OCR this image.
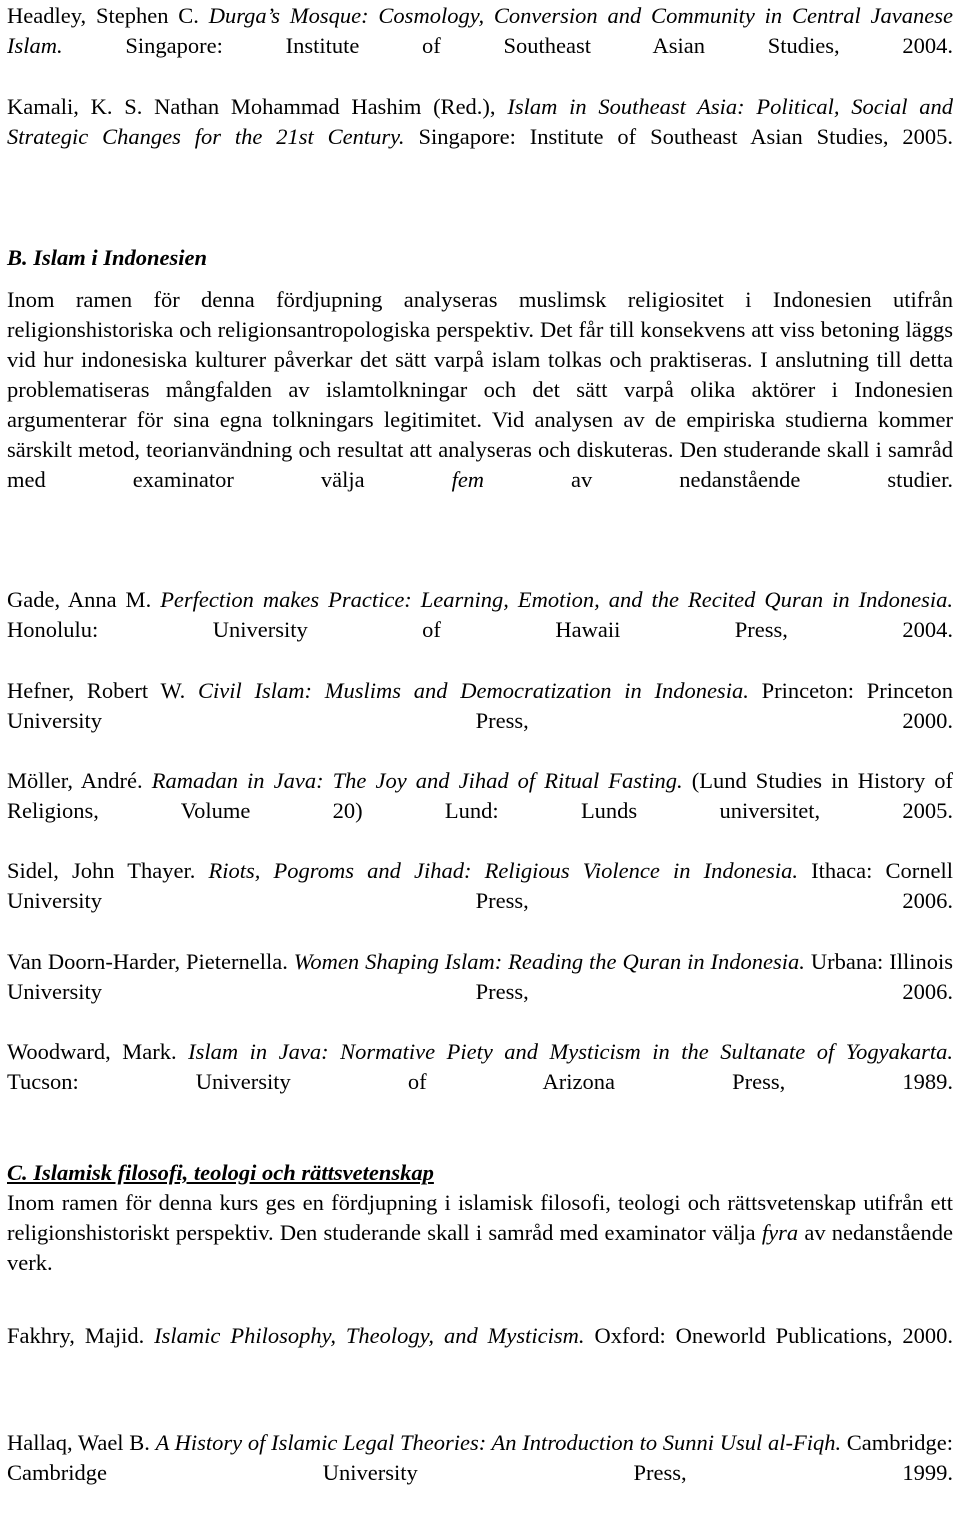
Headley, Stephen C. Durga’s Mosque: Cosmology, Conversion and Community in Central Javanese Islam.	Singapore: Institute of Southeast Asian Studies, 2004.

Kamali, K. S. Nathan Mohammad Hashim (Red.), Islam in Southeast Asia: Political, Social and Strategic Changes for the 21st Century. Singapore: Institute of Southeast Asian Studies, 2005.

B. Islam i Indonesien

Inom ramen för denna fördjupning analyseras muslimsk religiositet i Indonesien utifrån religionshistoriska och religionsantropologiska perspektiv. Det får till konsekvens att viss betoning läggs vid hur indonesiska kulturer påverkar det sätt varpå islam tolkas och praktiseras. I anslutning till detta problematiseras mångfalden av islamtolkningar och det sätt varpå olika aktörer i Indonesien argumenterar för sina egna tolkningars legitimitet. Vid analysen av de empiriska studierna kommer särskilt metod, teorianvändning och resultat att analyseras och diskuteras. Den studerande skall i samråd med examinator välja	fem	av nedanstående studier.

Gade, Anna M. Perfection makes Practice: Learning, Emotion, and the Recited Quran in Indonesia. Honolulu: University of Hawaii Press, 2004.

Hefner, Robert W. Civil Islam: Muslims and Democratization in Indonesia. Princeton: Princeton University Press, 2000.

Möller, André. Ramadan in Java: The Joy and Jihad of Ritual Fasting. (Lund Studies in History of Religions, Volume 20) Lund: Lunds universitet, 2005.

Sidel, John Thayer. Riots, Pogroms and Jihad: Religious Violence in Indonesia. Ithaca: Cornell University Press, 2006.

Van Doorn-Harder, Pieternella. Women Shaping Islam: Reading the Quran in Indonesia. Urbana: Illinois University Press, 2006.

Woodward, Mark. Islam in Java: Normative Piety and Mysticism in the Sultanate of Yogyakarta. Tucson: University of Arizona Press, 1989.

C. Islamisk filosofi, teologi och rättsvetenskap

Inom ramen för denna kurs ges en fördjupning i islamisk filosofi, teologi och rättsvetenskap utifrån ett religionshistoriskt perspektiv. Den studerande skall i samråd med examinator välja fyra av nedanstående verk.

Fakhry, Majid. Islamic Philosophy, Theology, and Mysticism. Oxford: Oneworld Publications, 2000.

Hallaq, Wael B. A History of Islamic Legal Theories: An Introduction to Sunni Usul al-Fiqh. Cambridge: Cambridge University Press, 1999.
